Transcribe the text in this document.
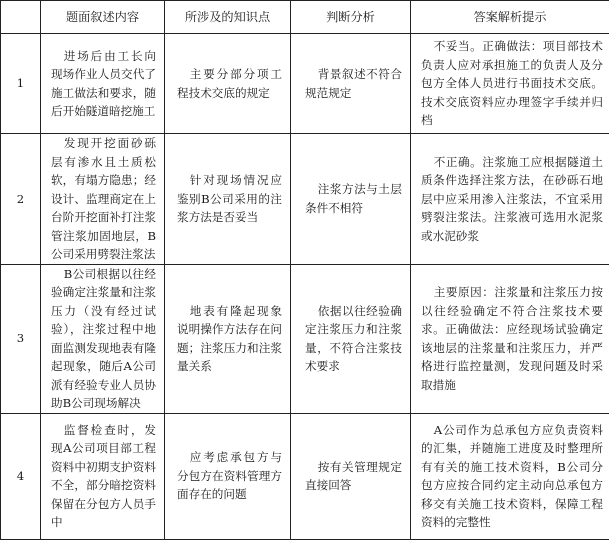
	题面叙述内容	所涉及的知识点	判断分析	答案解析提示
1	进场后由工长向现场作业人员交代了施工做法和要求，随后开始隧道暗挖施工	主要分部分项工程技术交底的规定	背景叙述不符合规范规定	不妥当。正确做法：项目部技术负责人应对承担施工的负责人及分包方全体人员进行书面技术交底。技术交底资料应办理签字手续并归档
2	发现开挖面砂砾层有渗水且土质松软，有塌方隐患；经设计、监理商定在上台阶开挖面补打注浆管注浆加固地层，B公司采用劈裂注浆法	针对现场情况应鉴别B公司采用的注浆方法是否妥当	注浆方法与土层条件不相符	不正确。注浆施工应根据隧道土质条件选择注浆方法，在砂砾石地层中应采用渗入注浆法，不宜采用劈裂注浆法。注浆液可选用水泥浆或水泥砂浆
3	B公司根据以往经验确定注浆量和注浆压力（没有经过试验），注浆过程中地面监测发现地表有隆起现象，随后A公司派有经验专业人员协助B公司现场解决	地表有隆起现象说明操作方法存在问题；注浆压力和注浆量关系	依据以往经验确定注浆压力和注浆量，不符合注浆技术要求	主要原因：注浆量和注浆压力按以往经验确定不符合注浆技术要求。正确做法：应经现场试验确定该地层的注浆量和注浆压力，并严格进行监控量测，发现问题及时采取措施
4	监督检查时，发现A公司项目部工程资料中初期支护资料不全，部分暗挖资料保留在分包方人员手中	应考虑承包方与分包方在资料管理方面存在的问题	按有关管理规定直接回答	A公司作为总承包方应负责资料的汇集，并随施工进度及时整理所有有关的施工技术资料，B公司分包方应按合同约定主动向总承包方移交有关施工技术资料，保障工程资料的完整性
